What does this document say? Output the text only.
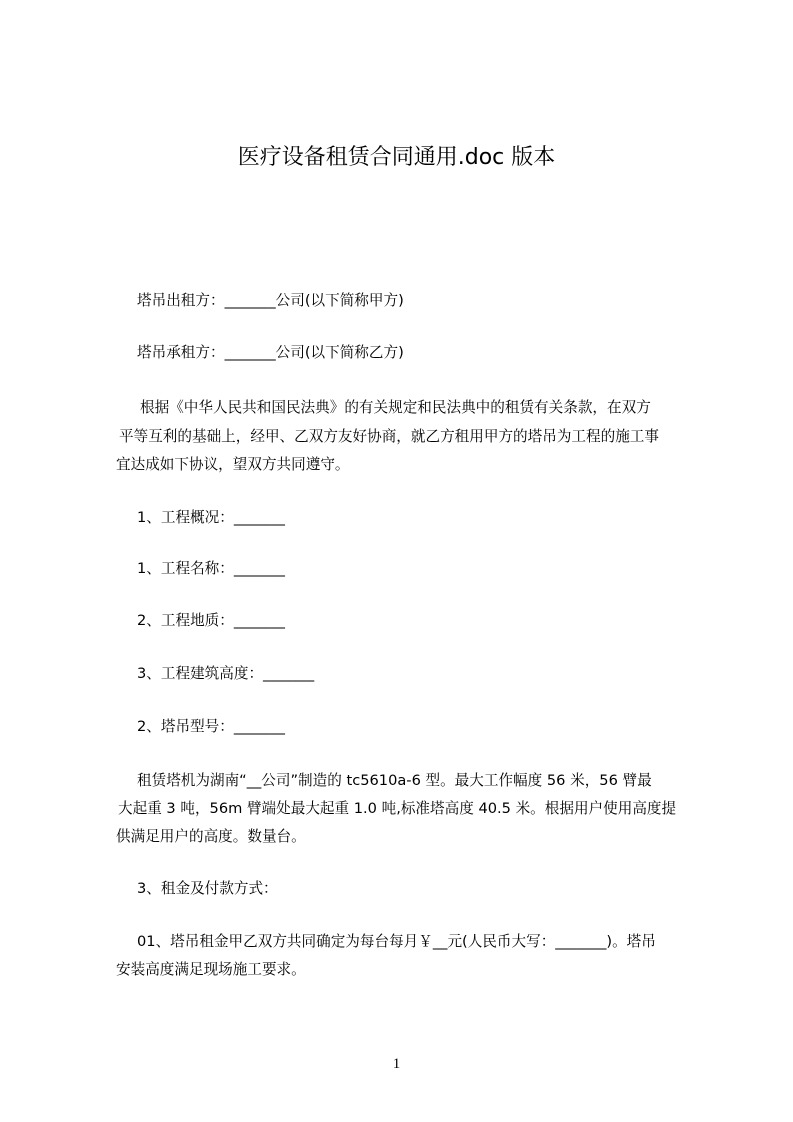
医疗设备租赁合同通用.doc 版本
塔吊出租方：_______公司(以下简称甲方)
塔吊承租方：_______公司(以下简称乙方)
根据《中华人民共和国民法典》的有关规定和民法典中的租赁有关条款，在双方
平等互利的基础上，经甲、乙双方友好协商，就乙方租用甲方的塔吊为工程的施工事
宜达成如下协议，望双方共同遵守。
1、工程概况：_______
1、工程名称：_______
2、工程地质：_______
3、工程建筑高度：_______
2、塔吊型号：_______
租赁塔机为湖南“__公司”制造的 tc5610a-6 型。最大工作幅度 56 米，56 臂最
大起重 3 吨，56m 臂端处最大起重 1.0 吨,标准塔高度 40.5 米。根据用户使用高度提
供满足用户的高度。数量台。
3、租金及付款方式：
01、塔吊租金甲乙双方共同确定为每台每月￥__元(人民币大写：_______)。塔吊
安装高度满足现场施工要求。
1
